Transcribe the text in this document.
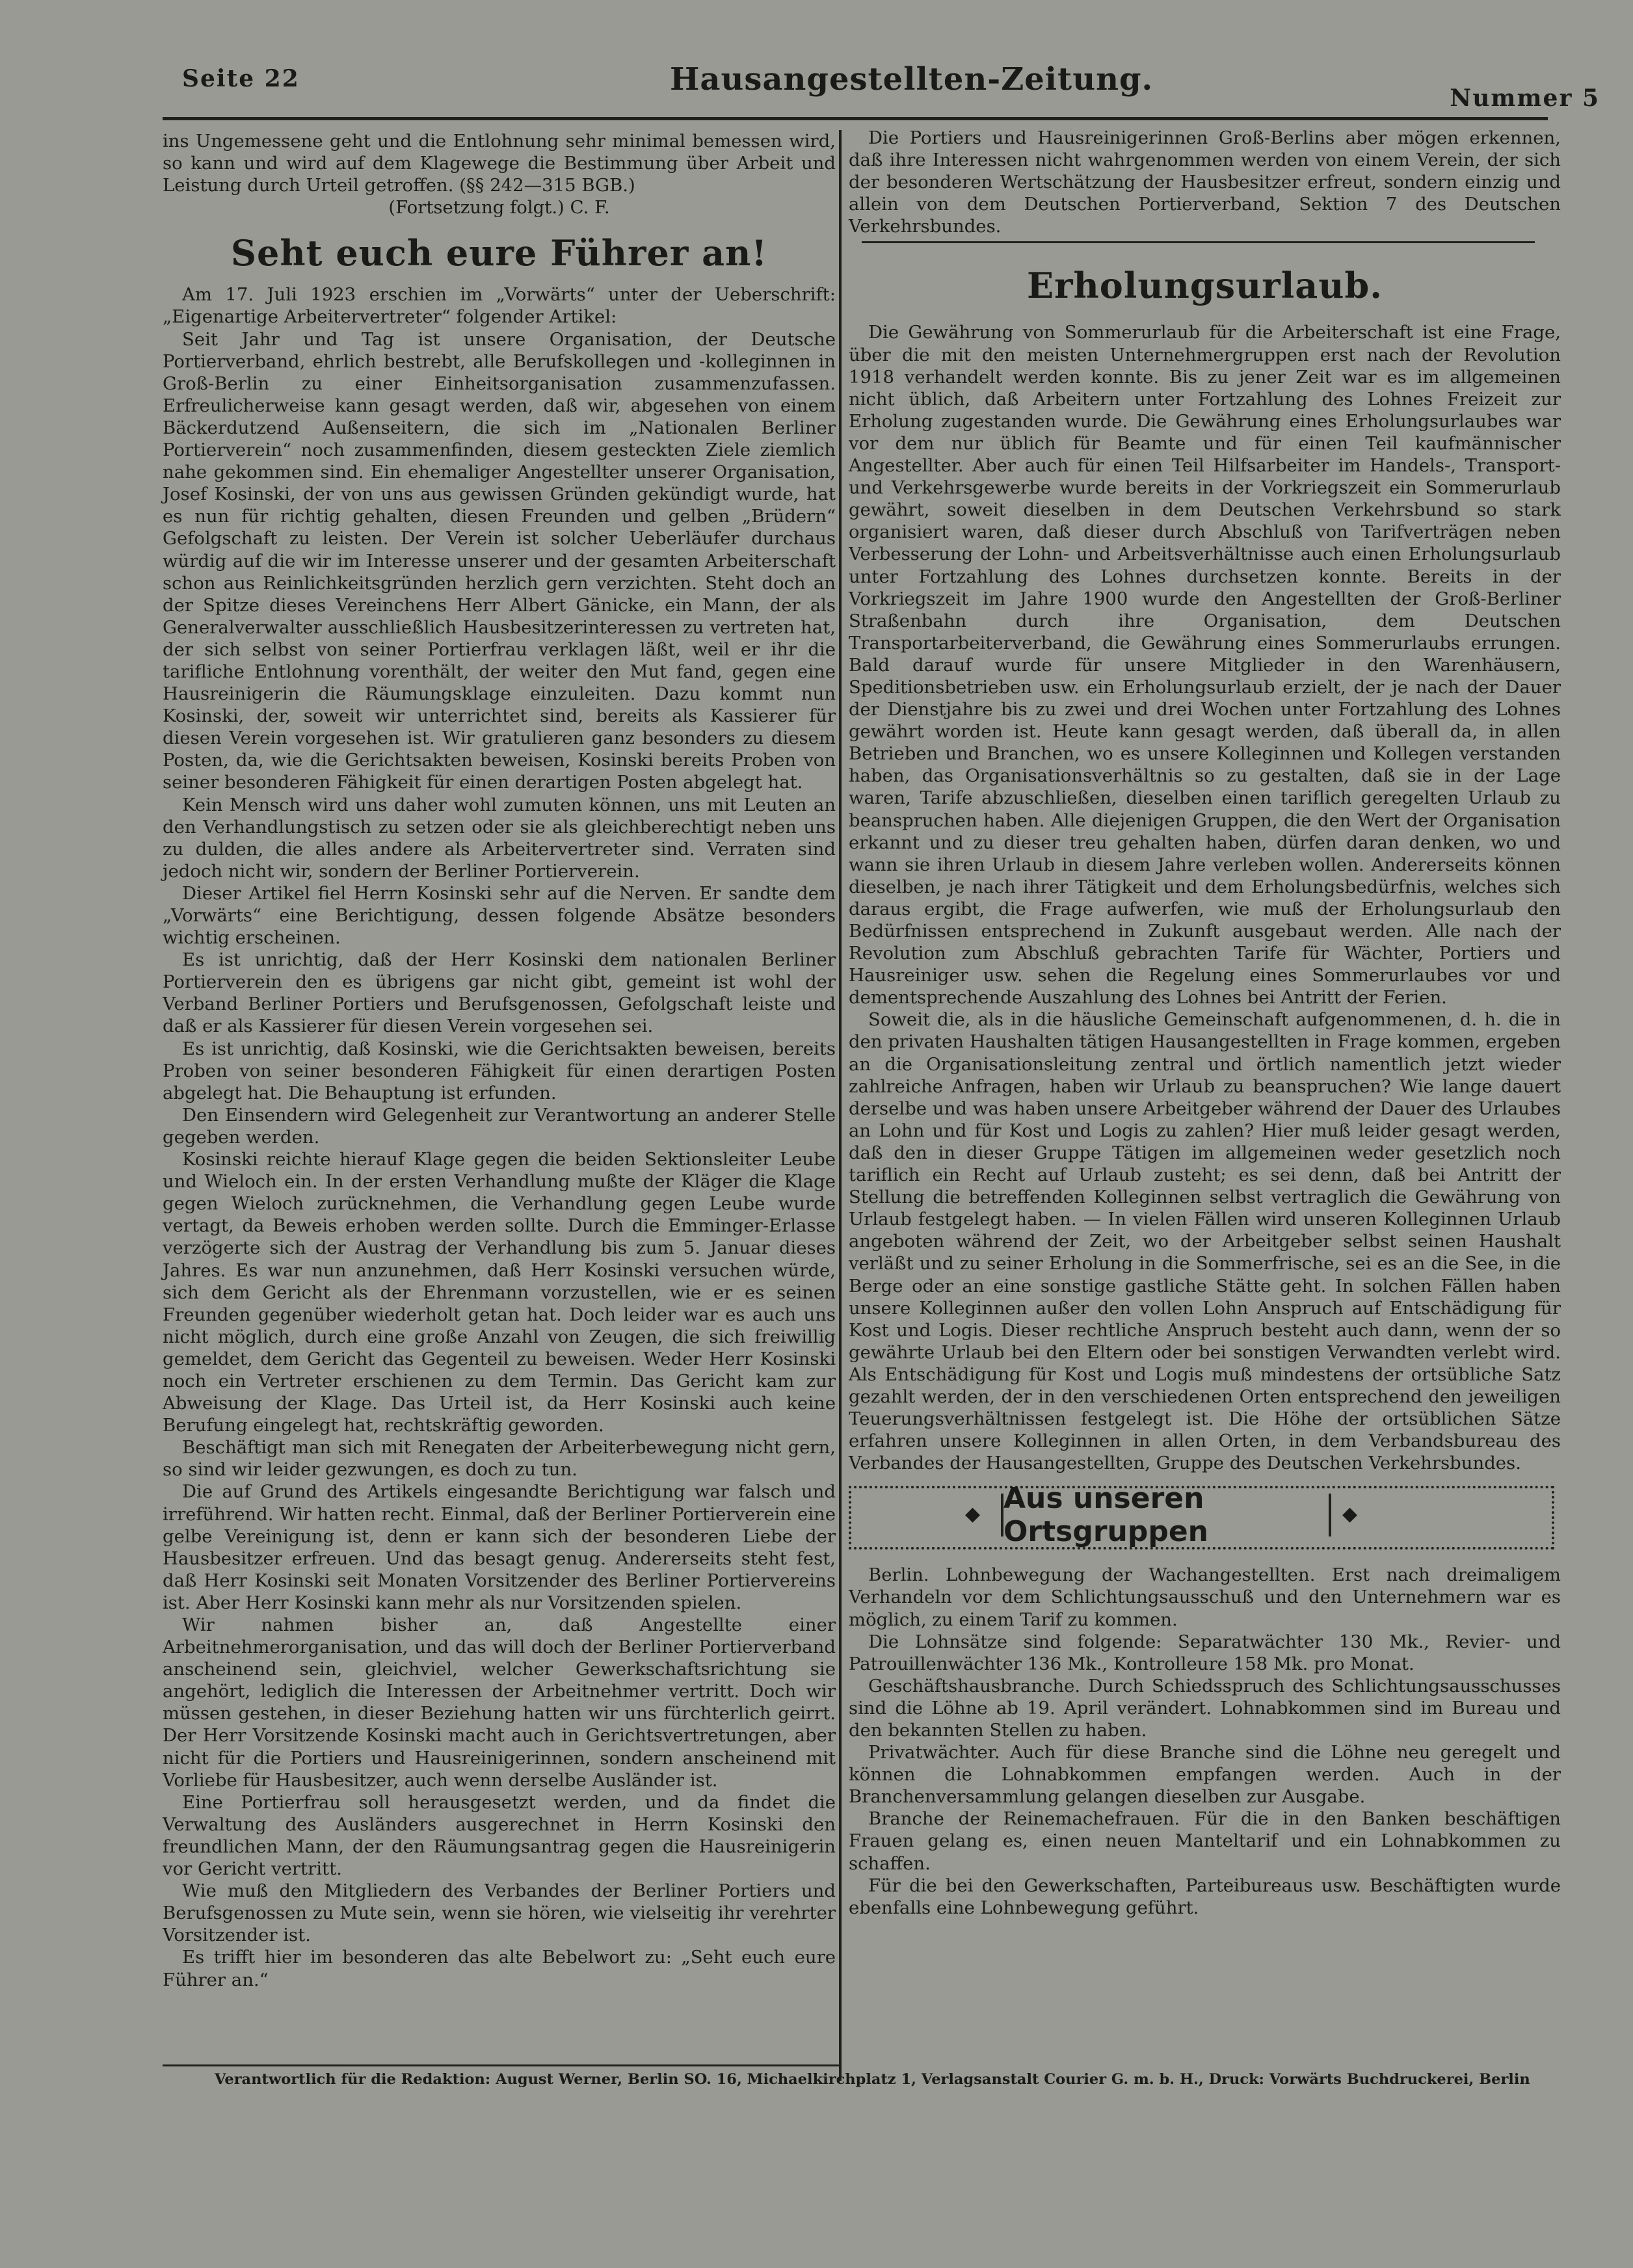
Seite 22	Hausangestellten-Zeitung.
Nummer 5

ins Ungemessene geht und die Entlohnung sehr minimal bemessen wird, so kann und wird auf dem Klagewege die Bestimmung über Arbeit und Leistung durch Urteil getroffen. (§§ 242—315 BGB.)

(Fortsetzung folgt.) C. F.

Seht euch eure Führer an!

Am 17. Juli 1923 erschien im „Vorwärts“ unter der Ueberschrift: „Eigenartige Arbeitervertreter“ folgender Artikel:

Seit Jahr und Tag ist unsere Organisation, der Deutsche Portierverband, ehrlich bestrebt, alle Berufskollegen und -kolleginnen in Groß-Berlin zu einer Einheitsorganisation zusammenzufassen. Erfreulicherweise kann gesagt werden, daß wir, abgesehen von einem Bäckerdutzend Außenseitern, die sich im „Nationalen Berliner Portierverein“ noch zusammenfinden, diesem gesteckten Ziele ziemlich nahe gekommen sind. Ein ehemaliger Angestellter unserer Organisation, Josef Kosinski, der von uns aus gewissen Gründen gekündigt wurde, hat es nun für richtig gehalten, diesen Freunden und gelben „Brüdern“ Gefolgschaft zu leisten. Der Verein ist solcher Ueberläufer durchaus würdig auf die wir im Interesse unserer und der gesamten Arbeiterschaft schon aus Reinlichkeitsgründen herzlich gern verzichten. Steht doch an der Spitze dieses Vereinchens Herr Albert Gänicke, ein Mann, der als Generalverwalter ausschließlich Hausbesitzerinteressen zu vertreten hat, der sich selbst von seiner Portierfrau verklagen läßt, weil er ihr die tarifliche Entlohnung vorenthält, der weiter den Mut fand, gegen eine Hausreinigerin die Räumungsklage einzuleiten. Dazu kommt nun Kosinski, der, soweit wir unterrichtet sind, bereits als Kassierer für diesen Verein vorgesehen ist. Wir gratulieren ganz besonders zu diesem Posten, da, wie die Gerichtsakten beweisen, Kosinski bereits Proben von seiner besonderen Fähigkeit für einen derartigen Posten abgelegt hat.

Kein Mensch wird uns daher wohl zumuten können, uns mit Leuten an den Verhandlungstisch zu setzen oder sie als gleichberechtigt neben uns zu dulden, die alles andere als Arbeitervertreter sind. Verraten sind jedoch nicht wir, sondern der Berliner Portierverein.

Dieser Artikel fiel Herrn Kosinski sehr auf die Nerven. Er sandte dem „Vorwärts“ eine Berichtigung, dessen folgende Absätze besonders wichtig erscheinen.

Es ist unrichtig, daß der Herr Kosinski dem nationalen Berliner Portierverein den es übrigens gar nicht gibt, gemeint ist wohl der Verband Berliner Portiers und Berufsgenossen, Gefolgschaft leiste und daß er als Kassierer für diesen Verein vorgesehen sei.

Es ist unrichtig, daß Kosinski, wie die Gerichtsakten beweisen, bereits Proben von seiner besonderen Fähigkeit für einen derartigen Posten abgelegt hat. Die Behauptung ist erfunden.

Den Einsendern wird Gelegenheit zur Verantwortung an anderer Stelle gegeben werden.

Kosinski reichte hierauf Klage gegen die beiden Sektionsleiter Leube und Wieloch ein. In der ersten Verhandlung mußte der Kläger die Klage gegen Wieloch zurücknehmen, die Verhandlung gegen Leube wurde vertagt, da Beweis erhoben werden sollte. Durch die Emminger-Erlasse verzögerte sich der Austrag der Verhandlung bis zum 5. Januar dieses Jahres. Es war nun anzunehmen, daß Herr Kosinski versuchen würde, sich dem Gericht als der Ehrenmann vorzustellen, wie er es seinen Freunden gegenüber wiederholt getan hat. Doch leider war es auch uns nicht möglich, durch eine große Anzahl von Zeugen, die sich freiwillig gemeldet, dem Gericht das Gegenteil zu beweisen. Weder Herr Kosinski noch ein Vertreter erschienen zu dem Termin. Das Gericht kam zur Abweisung der Klage. Das Urteil ist, da Herr Kosinski auch keine Berufung eingelegt hat, rechtskräftig geworden.

Beschäftigt man sich mit Renegaten der Arbeiterbewegung nicht gern, so sind wir leider gezwungen, es doch zu tun.

Die auf Grund des Artikels eingesandte Berichtigung war falsch und irreführend. Wir hatten recht. Einmal, daß der Berliner Portierverein eine gelbe Vereinigung ist, denn er kann sich der besonderen Liebe der Hausbesitzer erfreuen. Und das besagt genug. Andererseits steht fest, daß Herr Kosinski seit Monaten Vorsitzender des Berliner Portiervereins ist. Aber Herr Kosinski kann mehr als nur Vorsitzenden spielen.

Wir nahmen bisher an, daß Angestellte einer Arbeitnehmerorganisation, und das will doch der Berliner Portierverband anscheinend sein, gleichviel, welcher Gewerkschaftsrichtung sie angehört, lediglich die Interessen der Arbeitnehmer vertritt. Doch wir müssen gestehen, in dieser Beziehung hatten wir uns fürchterlich geirrt. Der Herr Vorsitzende Kosinski macht auch in Gerichtsvertretungen, aber nicht für die Portiers und Hausreinigerinnen, sondern anscheinend mit Vorliebe für Hausbesitzer, auch wenn derselbe Ausländer ist.

Eine Portierfrau soll herausgesetzt werden, und da findet die Verwaltung des Ausländers ausgerechnet in Herrn Kosinski den freundlichen Mann, der den Räumungsantrag gegen die Hausreinigerin vor Gericht vertritt.

Wie muß den Mitgliedern des Verbandes der Berliner Portiers und Berufsgenossen zu Mute sein, wenn sie hören, wie vielseitig ihr verehrter Vorsitzender ist.

Es trifft hier im besonderen das alte Bebelwort zu: „Seht euch eure Führer an.“

Die Portiers und Hausreinigerinnen Groß-Berlins aber mögen erkennen, daß ihre Interessen nicht wahrgenommen werden von einem Verein, der sich der besonderen Wertschätzung der Hausbesitzer erfreut, sondern einzig und allein von dem Deutschen Portierverband, Sektion 7 des Deutschen Verkehrsbundes.

Erholungsurlaub.

Die Gewährung von Sommerurlaub für die Arbeiterschaft ist eine Frage, über die mit den meisten Unternehmergruppen erst nach der Revolution 1918 verhandelt werden konnte. Bis zu jener Zeit war es im allgemeinen nicht üblich, daß Arbeitern unter Fortzahlung des Lohnes Freizeit zur Erholung zugestanden wurde. Die Gewährung eines Erholungsurlaubes war vor dem nur üblich für Beamte und für einen Teil kaufmännischer Angestellter. Aber auch für einen Teil Hilfsarbeiter im Handels-, Transport- und Verkehrsgewerbe wurde bereits in der Vorkriegszeit ein Sommerurlaub gewährt, soweit dieselben in dem Deutschen Verkehrsbund so stark organisiert waren, daß dieser durch Abschluß von Tarifverträgen neben Verbesserung der Lohn- und Arbeitsverhältnisse auch einen Erholungsurlaub unter Fortzahlung des Lohnes durchsetzen konnte. Bereits in der Vorkriegszeit im Jahre 1900 wurde den Angestellten der Groß-Berliner Straßenbahn durch ihre Organisation, dem Deutschen Transportarbeiterverband, die Gewährung eines Sommerurlaubs errungen. Bald darauf wurde für unsere Mitglieder in den Warenhäusern, Speditionsbetrieben usw. ein Erholungsurlaub erzielt, der je nach der Dauer der Dienstjahre bis zu zwei und drei Wochen unter Fortzahlung des Lohnes gewährt worden ist. Heute kann gesagt werden, daß überall da, in allen Betrieben und Branchen, wo es unsere Kolleginnen und Kollegen verstanden haben, das Organisationsverhältnis so zu gestalten, daß sie in der Lage waren, Tarife abzuschließen, dieselben einen tariflich geregelten Urlaub zu beanspruchen haben. Alle diejenigen Gruppen, die den Wert der Organisation erkannt und zu dieser treu gehalten haben, dürfen daran denken, wo und wann sie ihren Urlaub in diesem Jahre verleben wollen. Andererseits können dieselben, je nach ihrer Tätigkeit und dem Erholungsbedürfnis, welches sich daraus ergibt, die Frage aufwerfen, wie muß der Erholungsurlaub den Bedürfnissen entsprechend in Zukunft ausgebaut werden. Alle nach der Revolution zum Abschluß gebrachten Tarife für Wächter, Portiers und Hausreiniger usw. sehen die Regelung eines Sommerurlaubes vor und dementsprechende Auszahlung des Lohnes bei Antritt der Ferien.

Soweit die, als in die häusliche Gemeinschaft aufgenommenen, d. h. die in den privaten Haushalten tätigen Hausangestellten in Frage kommen, ergeben an die Organisationsleitung zentral und örtlich namentlich jetzt wieder zahlreiche Anfragen, haben wir Urlaub zu beanspruchen? Wie lange dauert derselbe und was haben unsere Arbeitgeber während der Dauer des Urlaubes an Lohn und für Kost und Logis zu zahlen? Hier muß leider gesagt werden, daß den in dieser Gruppe Tätigen im allgemeinen weder gesetzlich noch tariflich ein Recht auf Urlaub zusteht; es sei denn, daß bei Antritt der Stellung die betreffenden Kolleginnen selbst vertraglich die Gewährung von Urlaub festgelegt haben. — In vielen Fällen wird unseren Kolleginnen Urlaub angeboten während der Zeit, wo der Arbeitgeber selbst seinen Haushalt verläßt und zu seiner Erholung in die Sommerfrische, sei es an die See, in die Berge oder an eine sonstige gastliche Stätte geht. In solchen Fällen haben unsere Kolleginnen außer den vollen Lohn Anspruch auf Entschädigung für Kost und Logis. Dieser rechtliche Anspruch besteht auch dann, wenn der so gewährte Urlaub bei den Eltern oder bei sonstigen Verwandten verlebt wird. Als Entschädigung für Kost und Logis muß mindestens der ortsübliche Satz gezahlt werden, der in den verschiedenen Orten entsprechend den jeweiligen Teuerungsverhältnissen festgelegt ist. Die Höhe der ortsüblichen Sätze erfahren unsere Kolleginnen in allen Orten, in dem Verbandsbureau des Verbandes der Hausangestellten, Gruppe des Deutschen Verkehrsbundes.

◆ Aus unseren Ortsgruppen
◆

Berlin. Lohnbewegung der Wachangestellten. Erst nach dreimaligem Verhandeln vor dem Schlichtungsausschuß und den Unternehmern war es möglich, zu einem Tarif zu kommen.

Die Lohnsätze sind folgende: Separatwächter 130 Mk., Revier- und Patrouillenwächter 136 Mk., Kontrolleure 158 Mk. pro Monat.

Geschäftshausbranche. Durch Schiedsspruch des Schlichtungsausschusses sind die Löhne ab 19. April verändert. Lohnabkommen sind im Bureau und den bekannten Stellen zu haben.

Privatwächter. Auch für diese Branche sind die Löhne neu geregelt und können die Lohnabkommen empfangen werden. Auch in der Branchenversammlung gelangen dieselben zur Ausgabe.

Branche der Reinemachefrauen. Für die in den Banken beschäftigen Frauen gelang es, einen neuen Manteltarif und ein Lohnabkommen zu schaffen.

Für die bei den Gewerkschaften, Parteibureaus usw. Beschäftigten wurde ebenfalls eine Lohnbewegung geführt.

Verantwortlich für die Redaktion: August Werner, Berlin SO. 16, Michaelkirchplatz 1, Verlagsanstalt Courier G. m. b. H., Druck: Vorwärts Buchdruckerei, Berlin
